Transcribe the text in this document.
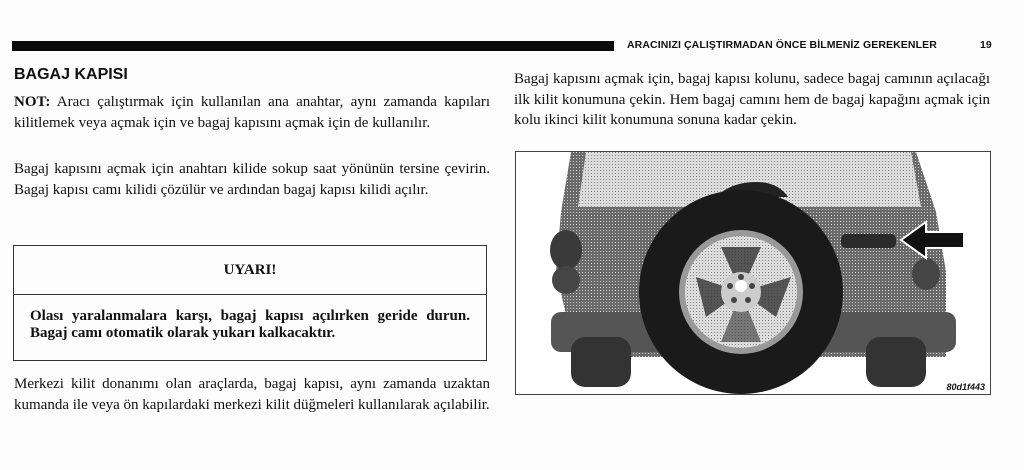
ARACINIZI ÇALIŞTIRMADAN ÖNCE BİLMENİZ GEREKENLER	19
BAGAJ KAPISI
NOT: Aracı çalıştırmak için kullanılan ana anahtar, aynı zamanda kapıları kilitlemek veya açmak için ve bagaj kapısını açmak için de kullanılır.
Bagaj kapısını açmak için anahtarı kilide sokup saat yönünün tersine çevirin. Bagaj kapısı camı kilidi çözülür ve ardından bagaj kapısı kilidi açılır.
UYARI!
Olası yaralanmalara karşı, bagaj kapısı açılırken geride durun. Bagaj camı otomatik olarak yukarı kalkacaktır.
Merkezi kilit donanımı olan araçlarda, bagaj kapısı, aynı zamanda uzaktan kumanda ile veya ön kapılardaki merkezi kilit düğmeleri kullanılarak açılabilir.
Bagaj kapısını açmak için, bagaj kapısı kolunu, sadece bagaj camının açılacağı ilk kilit konumuna çekin. Hem bagaj camını hem de bagaj kapağını açmak için kolu ikinci kilit konumuna sonuna kadar çekin.
80d1f443
